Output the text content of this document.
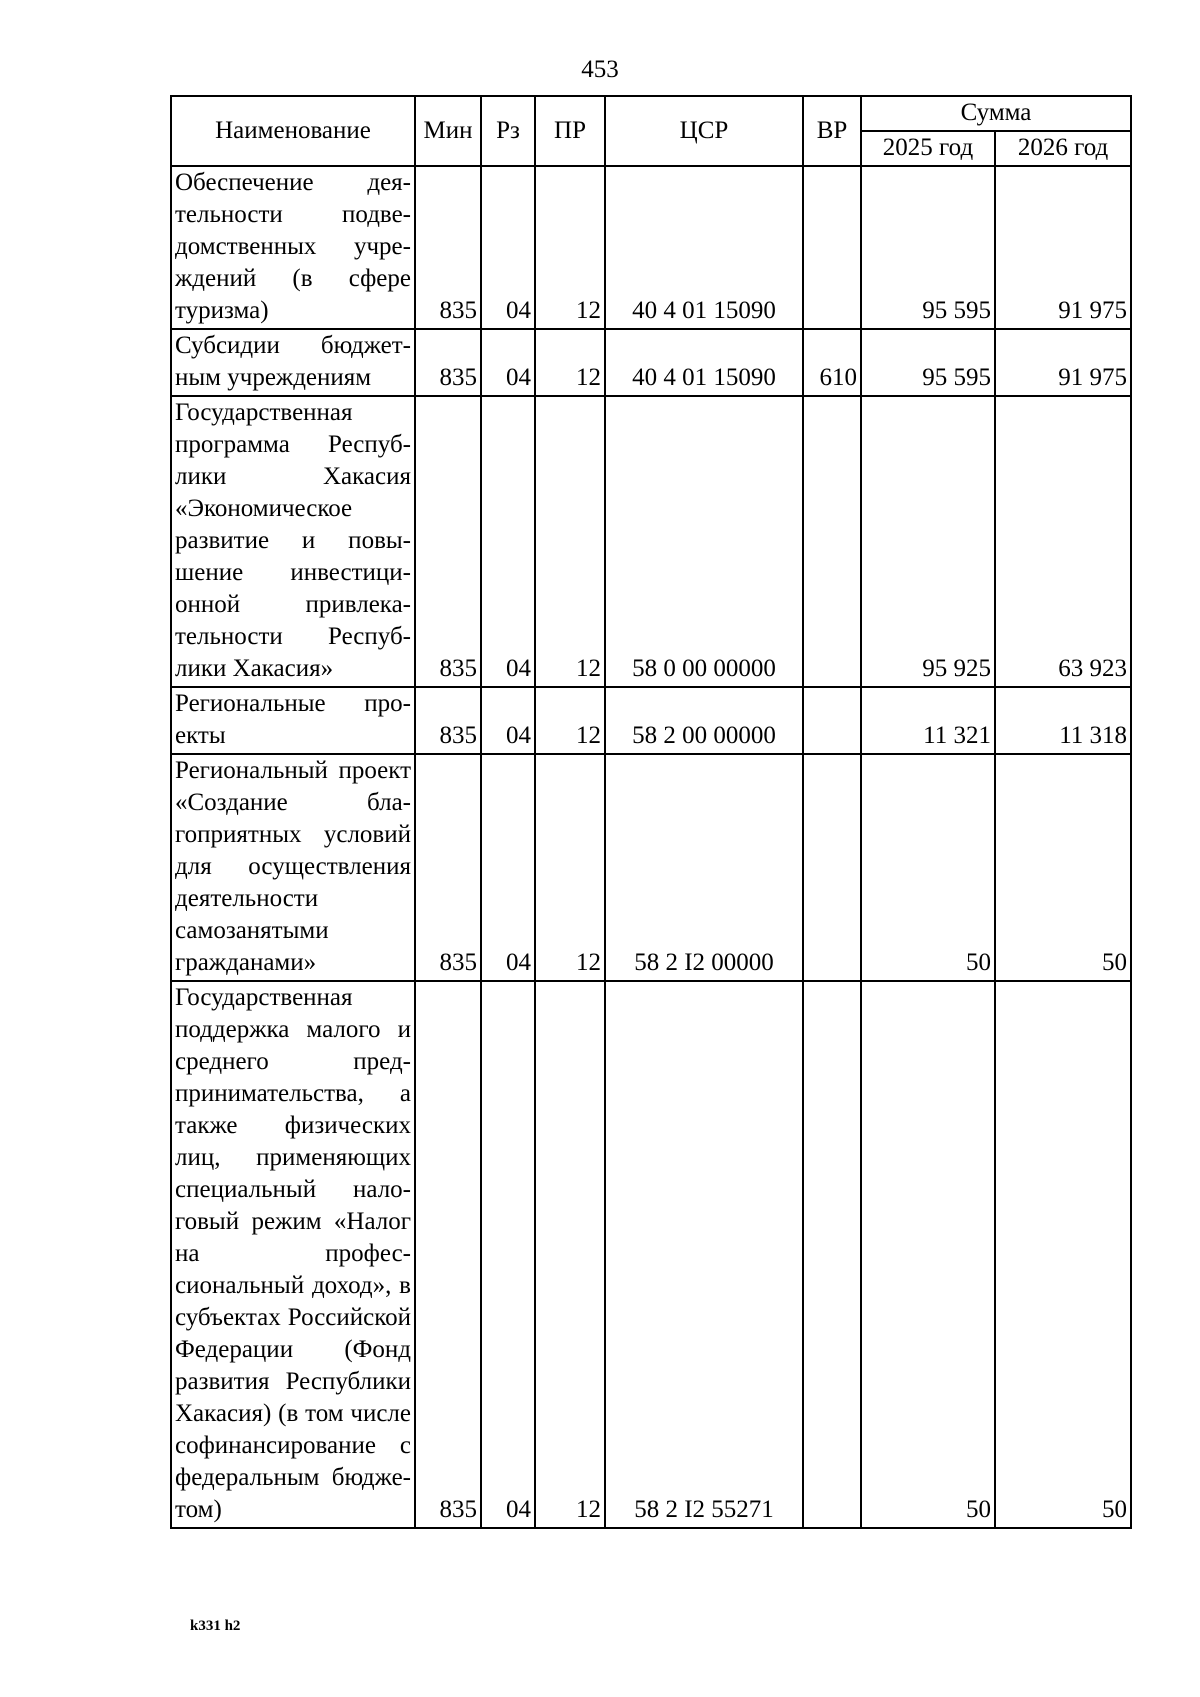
453
Наименование	Мин	Рз	ПР	ЦСР	ВР	Сумма	
						2025 год	2026 год
Обеспечение деятельности подведомственных учреждений (в сфере туризма)	835	04	12	40 4 01 15090		95 595	91 975
Субсидии бюджетным учреждениям	835	04	12	40 4 01 15090	610	95 595	91 975
Государственная программа Республики Хакасия «Экономическое развитие и повышение инвестиционной привлекательности Республики Хакасия»	835	04	12	58 0 00 00000		95 925	63 923
Региональные проекты	835	04	12	58 2 00 00000		11 321	11 318
Региональный проект «Создание благоприятных условий для осуществления деятельности самозанятыми гражданами»	835	04	12	58 2 I2 00000		50	50
Государственная поддержка малого и среднего предпринимательства, а также физических лиц, применяющих специальный налоговый режим «Налог на профессиональный доход», в субъектах Российской Федерации (Фонд развития Республики Хакасия) (в том числе софинансирование с федеральным бюджетом)	835	04	12	58 2 I2 55271		50	50
k331 h2
